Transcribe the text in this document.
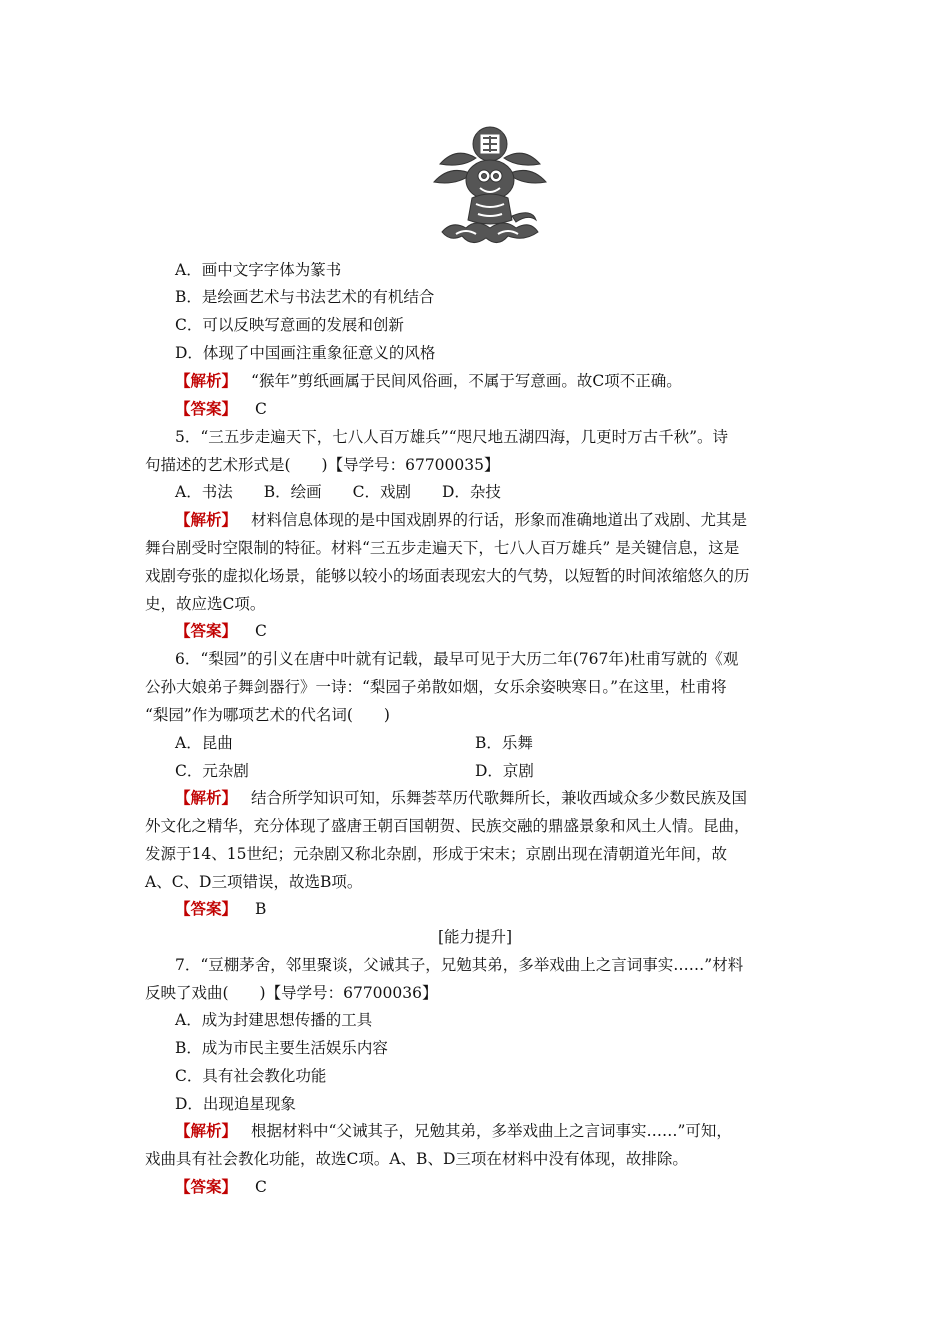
A．画中文字字体为篆书
B．是绘画艺术与书法艺术的有机结合
C．可以反映写意画的发展和创新
D．体现了中国画注重象征意义的风格
【解析】 “猴年”剪纸画属于民间风俗画，不属于写意画。故C项不正确。
【答案】 C
5．“三五步走遍天下，七八人百万雄兵”“咫尺地五湖四海，几更时万古千秋”。诗
句描述的艺术形式是(　　)【导学号：67700035】
A．书法　　B．绘画　　C．戏剧　　D．杂技
【解析】 材料信息体现的是中国戏剧界的行话，形象而准确地道出了戏剧、尤其是
舞台剧受时空限制的特征。材料“三五步走遍天下，七八人百万雄兵” 是关键信息，这是
戏剧夸张的虚拟化场景，能够以较小的场面表现宏大的气势，以短暂的时间浓缩悠久的历
史，故应选C项。
【答案】 C
6．“梨园”的引义在唐中叶就有记载，最早可见于大历二年(767年)杜甫写就的《观
公孙大娘弟子舞剑器行》一诗：“梨园子弟散如烟，女乐余姿映寒日。”在这里，杜甫将
“梨园”作为哪项艺术的代名词(　　)
A．昆曲	B．乐舞
C．元杂剧	D．京剧
【解析】 结合所学知识可知，乐舞荟萃历代歌舞所长，兼收西域众多少数民族及国
外文化之精华，充分体现了盛唐王朝百国朝贺、民族交融的鼎盛景象和风土人情。昆曲，
发源于14、15世纪；元杂剧又称北杂剧，形成于宋末；京剧出现在清朝道光年间，故
A、C、D三项错误，故选B项。
【答案】 B
[能力提升]
7．“豆棚茅舍，邻里聚谈，父诫其子，兄勉其弟，多举戏曲上之言词事实……”材料
反映了戏曲(　　)【导学号：67700036】
A．成为封建思想传播的工具
B．成为市民主要生活娱乐内容
C．具有社会教化功能
D．出现追星现象
【解析】 根据材料中“父诫其子，兄勉其弟，多举戏曲上之言词事实……”可知，
戏曲具有社会教化功能，故选C项。A、B、D三项在材料中没有体现，故排除。
【答案】 C
